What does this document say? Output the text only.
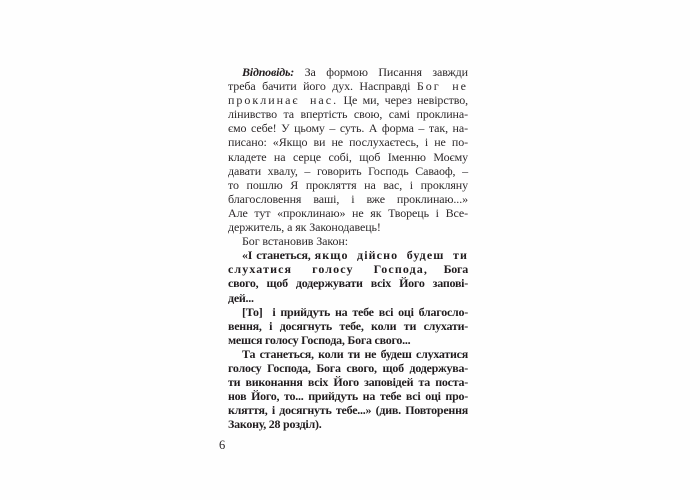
Відповідь: За формою Писання завжди
треба бачити його дух. Насправді Бог не
проклинає нас. Це ми, через невірство,
лінивство та впертість свою, самі проклина-
ємо себе! У цьому – суть. А форма – так, на-
писано: «Якщо ви не послухаєтесь, і не по-
кладете на серце собі, щоб Іменню Моєму
давати хвалу, – говорить Господь Саваоф, –
то пошлю Я прокляття на вас, і прокляну
благословення ваші, і вже проклинаю...»
Але тут «проклинаю» не як Творець і Все-
держитель, а як Законодавець!
Бог встановив Закон:
«І станеться, якщо дійсно будеш ти
слухатися голосу Господа, Бога
свого, щоб додержувати всіх Його запові-
дей...
[То]  і прийдуть на тебе всі оці благосло-
вення, і досягнуть тебе, коли ти слухати-
мешся голосу Господа, Бога свого...
Та станеться, коли ти не будеш слухатися
голосу Господа, Бога свого, щоб додержува-
ти виконання всіх Його заповідей та поста-
нов Його, то... прийдуть на тебе всі оці про-
кляття, і досягнуть тебе...» (див. Повторення
Закону, 28 розділ).
6
